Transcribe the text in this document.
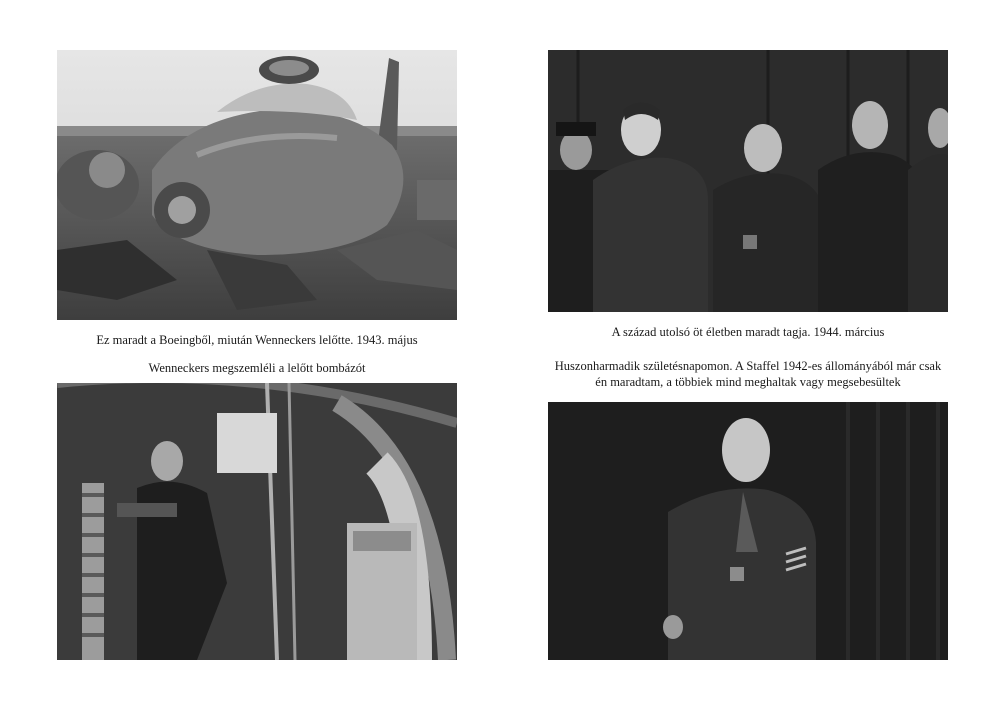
Ez maradt a Boeingből, miután Wenneckers lelőtte. 1943. május
Wenneckers megszemléli a lelőtt bombázót
A század utolsó öt életben maradt tagja. 1944. március
Huszonharmadik születésnapomon. A Staffel 1942-es állományából már csak én maradtam, a többiek mind meghaltak vagy megsebesültek
